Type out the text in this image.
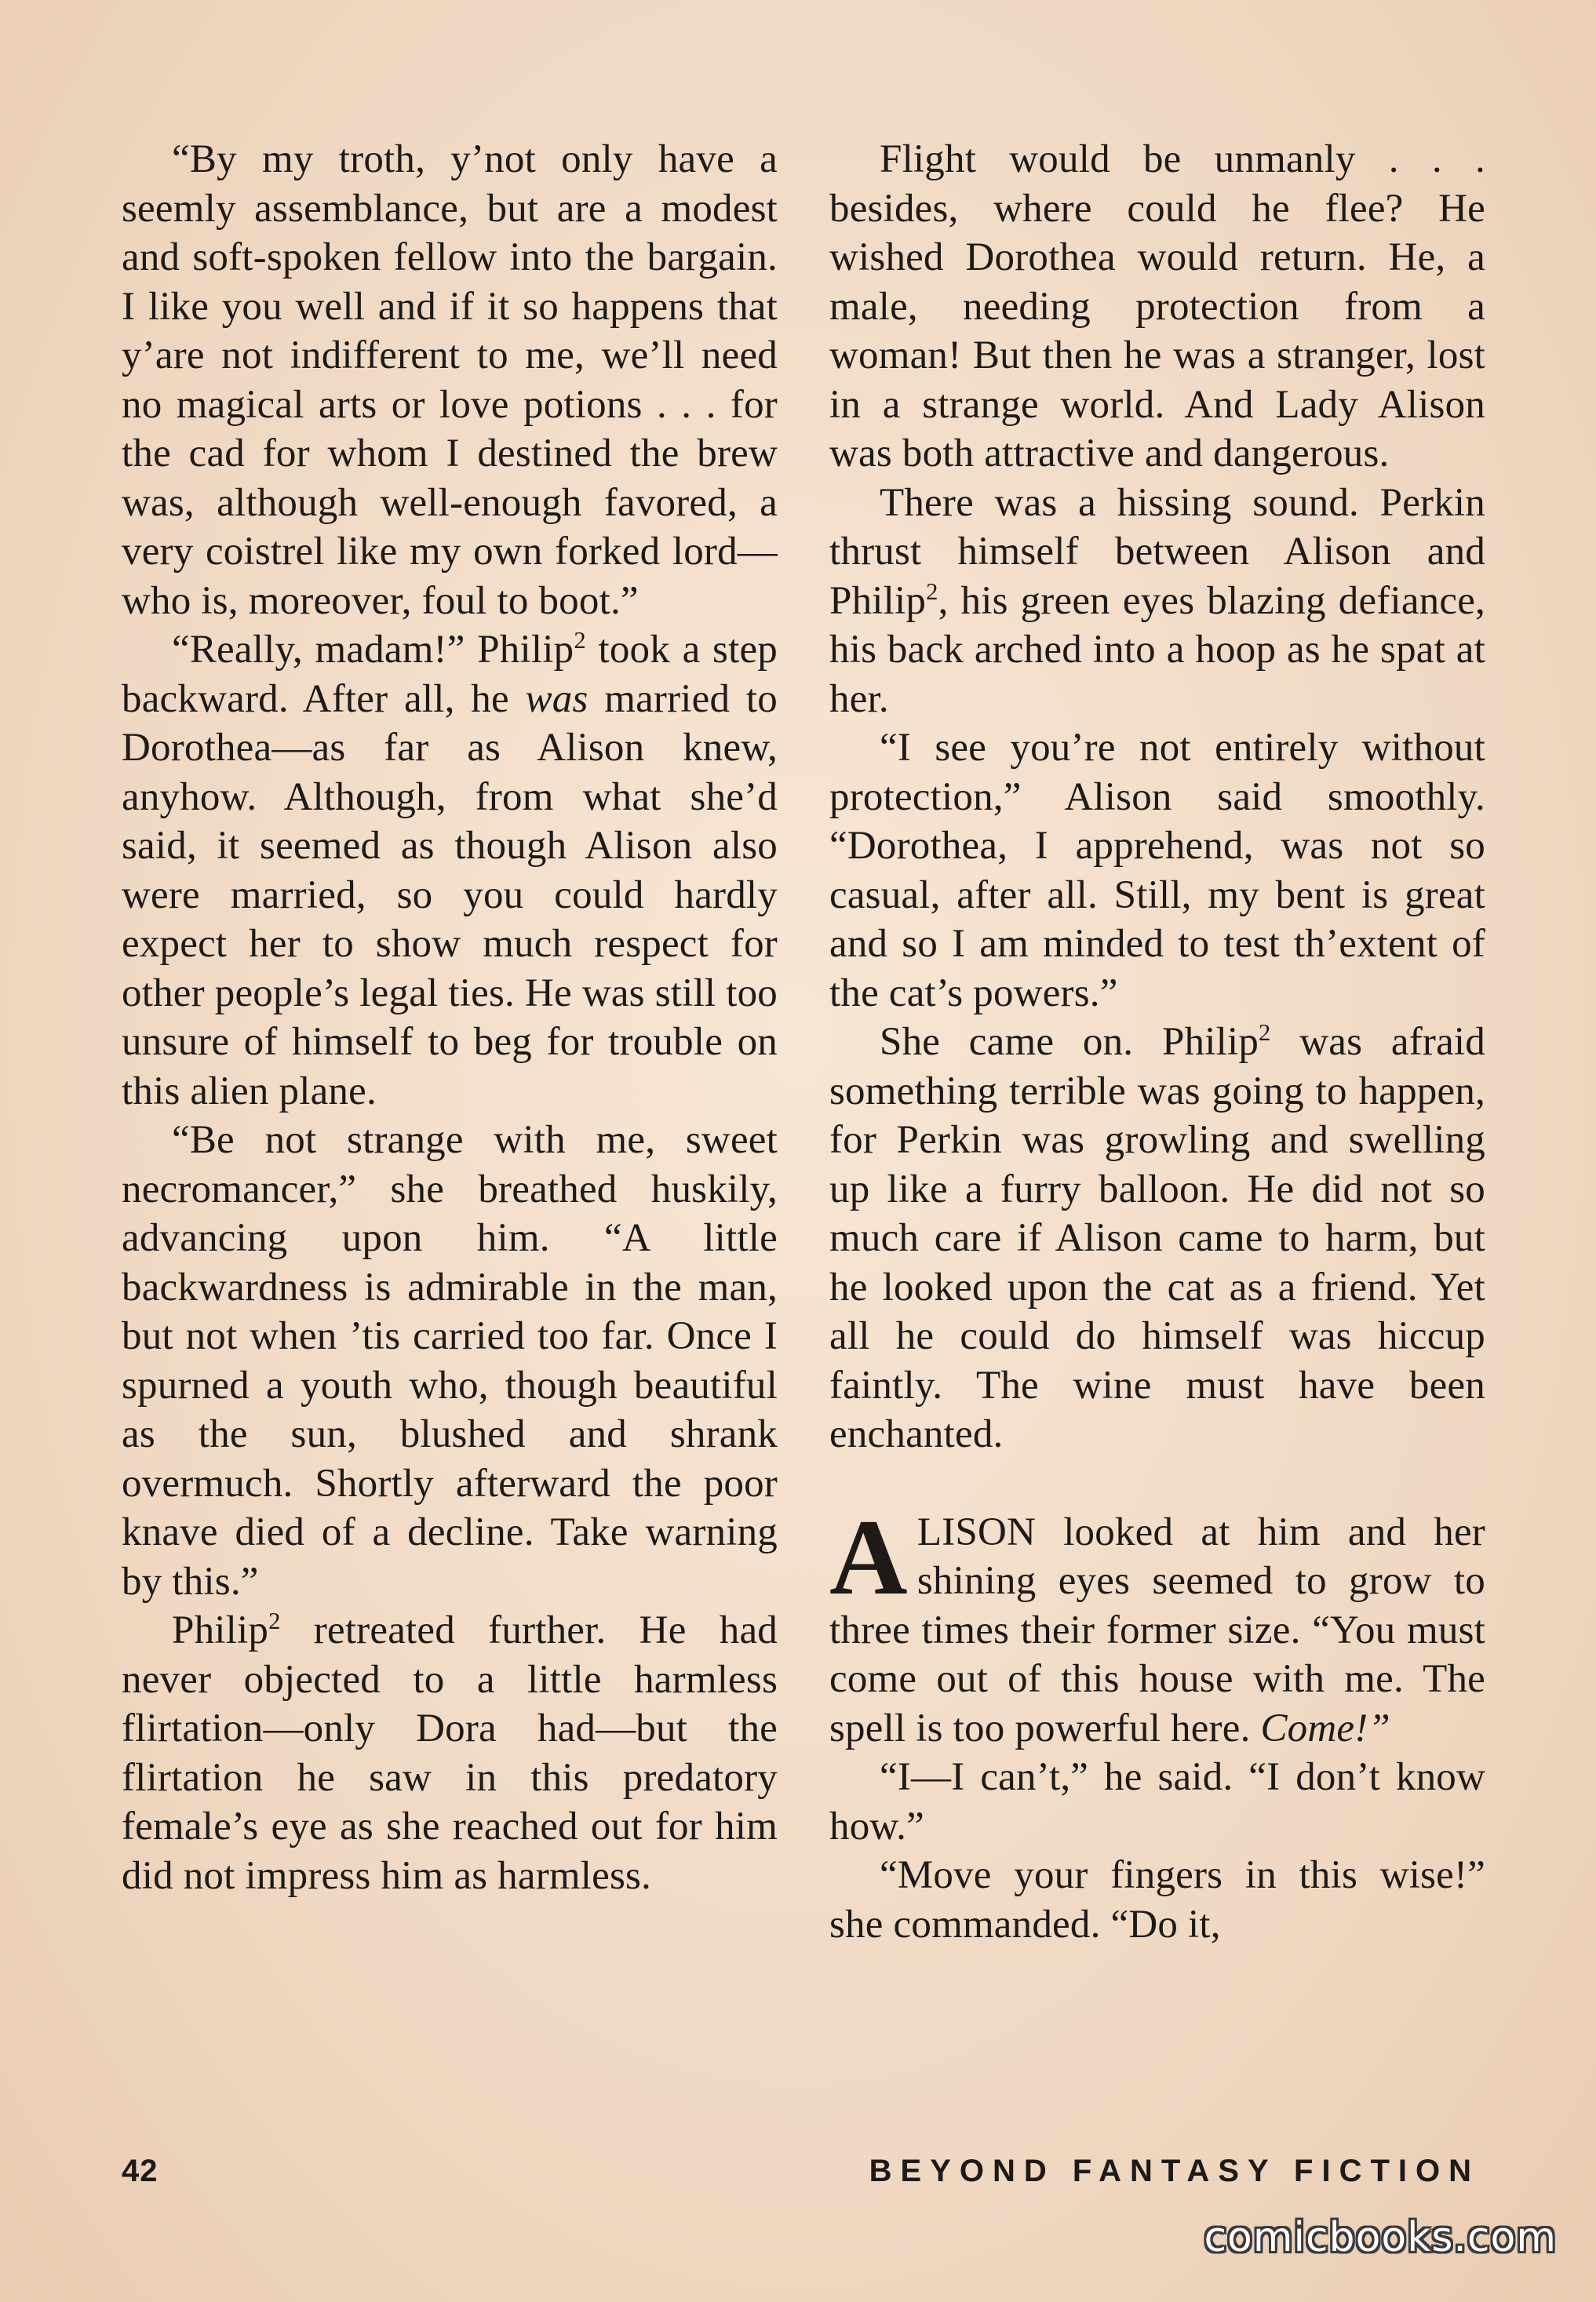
“By my troth, y’not only have a seemly assemblance, but are a modest and soft-spoken fellow into the bargain. I like you well and if it so happens that y’are not indifferent to me, we’ll need no magical arts or love potions . . . for the cad for whom I destined the brew was, although well-enough favored, a very coistrel like my own forked lord—who is, moreover, foul to boot.”

“Really, madam!” Philip$^2$ took a step backward. After all, he was married to Dorothea—as far as Alison knew, anyhow. Although, from what she’d said, it seemed as though Alison also were married, so you could hardly expect her to show much respect for other people’s legal ties. He was still too unsure of himself to beg for trouble on this alien plane.

“Be not strange with me, sweet necromancer,” she breathed huskily, advancing upon him. “A little backwardness is admirable in the man, but not when ’tis carried too far. Once I spurned a youth who, though beautiful as the sun, blushed and shrank overmuch. Shortly afterward the poor knave died of a decline. Take warning by this.”

Philip$^2$ retreated further. He had never objected to a little harmless flirtation—only Dora had—but the flirtation he saw in this predatory female’s eye as she reached out for him did not impress him as harmless.

Flight would be unmanly . . . besides, where could he flee? He wished Dorothea would return. He, a male, needing protection from a woman! But then he was a stranger, lost in a strange world. And Lady Alison was both attractive and dangerous.

There was a hissing sound. Perkin thrust himself between Alison and Philip$^2$, his green eyes blazing defiance, his back arched into a hoop as he spat at her.

“I see you’re not entirely without protection,” Alison said smoothly. “Dorothea, I apprehend, was not so casual, after all. Still, my bent is great and so I am minded to test th’extent of the cat’s powers.”

She came on. Philip$^2$ was afraid something terrible was going to happen, for Perkin was growling and swelling up like a furry balloon. He did not so much care if Alison came to harm, but he looked upon the cat as a friend. Yet all he could do himself was hiccup faintly. The wine must have been enchanted.

ALISON looked at him and her shining eyes seemed to grow to three times their former size. “You must come out of this house with me. The spell is too powerful here. Come!”

“I—I can’t,” he said. “I don’t know how.”

“Move your fingers in this wise!” she commanded. “Do it,

42	BEYOND FANTASY FICTION
comicbooks.com
